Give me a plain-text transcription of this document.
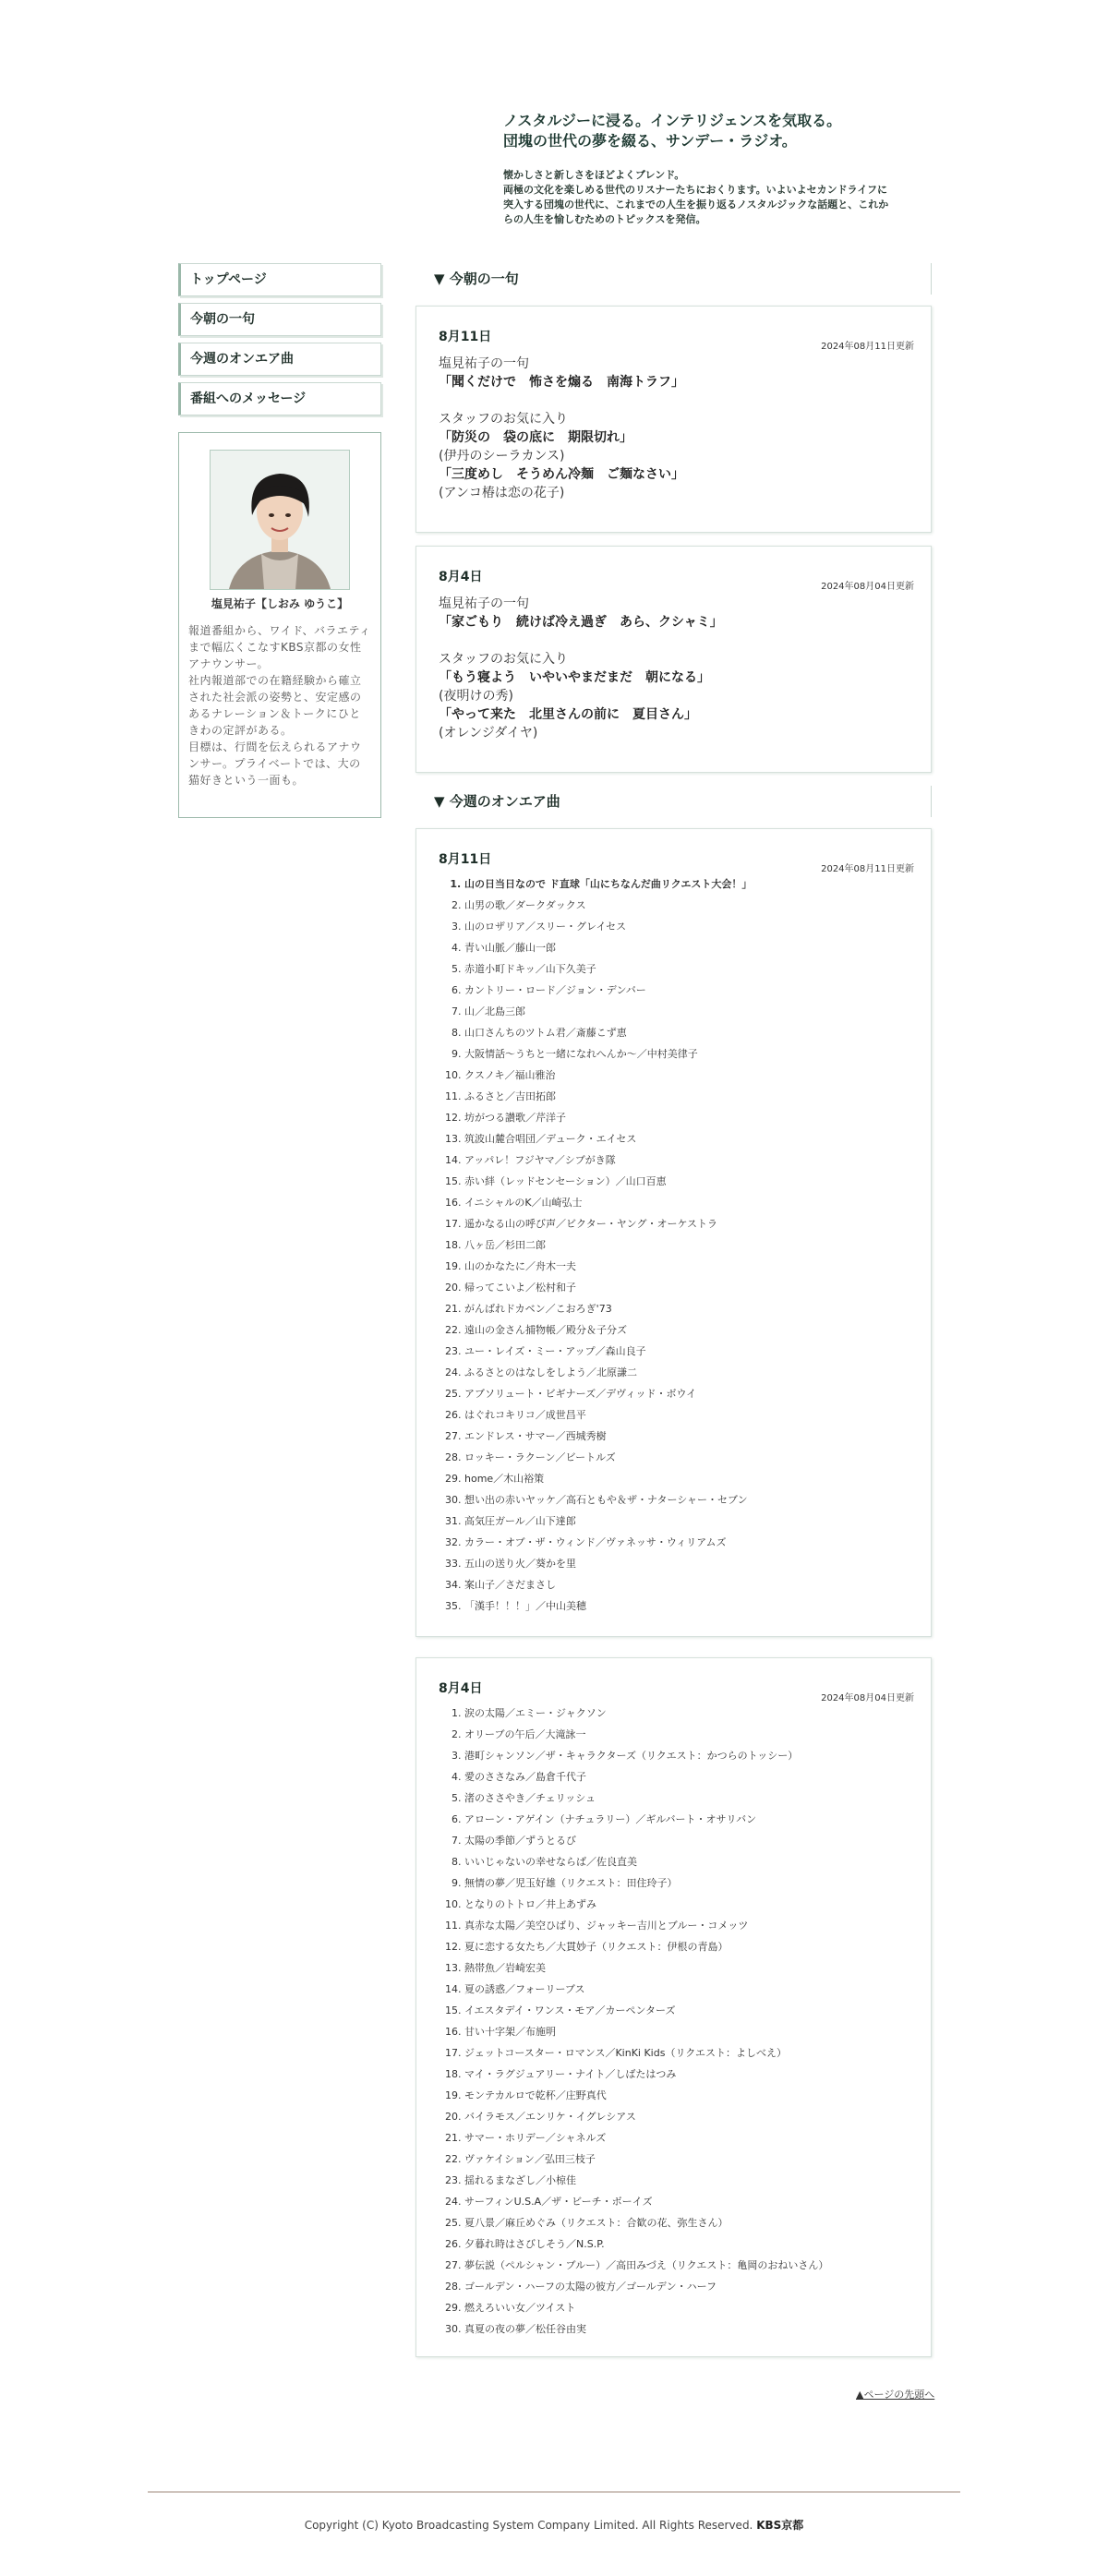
ノスタルジーに浸る。インテリジェンスを気取る。
団塊の世代の夢を綴る、サンデー・ラジオ。
懐かしさと新しさをほどよくブレンド。
両極の文化を楽しめる世代のリスナーたちにおくります。いよいよセカンドライフに
突入する団塊の世代に、これまでの人生を振り返るノスタルジックな話題と、これか
らの人生を愉しむためのトピックスを発信。
トップページ
今朝の一句
今週のオンエア曲
番組へのメッセージ
塩見祐子【しおみ ゆうこ】
報道番組から、ワイド、バラエティまで幅広くこなすKBS京都の女性アナウンサー。
社内報道部での在籍経験から確立された社会派の姿勢と、安定感のあるナレーション＆トークにひときわの定評がある。
目標は、行間を伝えられるアナウンサー。プライベートでは、大の猫好きという一面も。
▼ 今朝の一句
8月11日
2024年08月11日更新
塩見祐子の一句
「聞くだけで　怖さを煽る　南海トラフ」
スタッフのお気に入り
「防災の　袋の底に　期限切れ」
(伊丹のシーラカンス)
「三度めし　そうめん冷麺　ご麺なさい」
(アンコ椿は恋の花子)
8月4日
2024年08月04日更新
塩見祐子の一句
「家ごもり　続けば冷え過ぎ　あら、クシャミ」
スタッフのお気に入り
「もう寝よう　いやいやまだまだ　朝になる」
(夜明けの秀)
「やって来た　北里さんの前に　夏目さん」
(オレンジダイヤ)
▼ 今週のオンエア曲
8月11日
2024年08月11日更新
1. 山の日当日なので ド直球「山にちなんだ曲リクエスト大会！」
2. 山男の歌／ダークダックス
3. 山のロザリア／スリー・グレイセス
4. 青い山脈／藤山一郎
5. 赤道小町ドキッ／山下久美子
6. カントリー・ロード／ジョン・デンバー
7. 山／北島三郎
8. 山口さんちのツトム君／斎藤こず恵
9. 大阪情話〜うちと一緒になれへんか〜／中村美律子
10. クスノキ／福山雅治
11. ふるさと／吉田拓郎
12. 坊がつる讃歌／芹洋子
13. 筑波山麓合唱団／デューク・エイセス
14. アッパレ！フジヤマ／シブがき隊
15. 赤い絆（レッドセンセーション）／山口百恵
16. イニシャルのK／山崎弘士
17. 遥かなる山の呼び声／ビクター・ヤング・オーケストラ
18. 八ヶ岳／杉田二郎
19. 山のかなたに／舟木一夫
20. 帰ってこいよ／松村和子
21. がんばれドカベン／こおろぎ'73
22. 遠山の金さん捕物帳／殿分＆子分ズ
23. ユー・レイズ・ミー・アップ／森山良子
24. ふるさとのはなしをしよう／北原謙二
25. アブソリュート・ビギナーズ／デヴィッド・ボウイ
26. はぐれコキリコ／成世昌平
27. エンドレス・サマー／西城秀樹
28. ロッキー・ラクーン／ビートルズ
29. home／木山裕策
30. 想い出の赤いヤッケ／高石ともや＆ザ・ナターシャー・セブン
31. 高気圧ガール／山下達郎
32. カラー・オブ・ザ・ウィンド／ヴァネッサ・ウィリアムズ
33. 五山の送り火／葵かを里
34. 案山子／さだまさし
35. 「漢手！！！」／中山美穂
8月4日
2024年08月04日更新
1. 涙の太陽／エミー・ジャクソン
2. オリーブの午后／大滝詠一
3. 港町シャンソン／ザ・キャラクターズ（リクエスト：かつらのトッシー）
4. 愛のささなみ／島倉千代子
5. 渚のささやき／チェリッシュ
6. アローン・アゲイン（ナチュラリー）／ギルバート・オサリバン
7. 太陽の季節／ずうとるび
8. いいじゃないの幸せならば／佐良直美
9. 無情の夢／児玉好雄（リクエスト：田住玲子）
10. となりのトトロ／井上あずみ
11. 真赤な太陽／美空ひばり、ジャッキー吉川とブルー・コメッツ
12. 夏に恋する女たち／大貫妙子（リクエスト：伊根の青島）
13. 熱帯魚／岩崎宏美
14. 夏の誘惑／フォーリーブス
15. イエスタデイ・ワンス・モア／カーペンターズ
16. 甘い十字架／布施明
17. ジェットコースター・ロマンス／KinKi Kids（リクエスト：よしべえ）
18. マイ・ラグジュアリー・ナイト／しばたはつみ
19. モンテカルロで乾杯／庄野真代
20. バイラモス／エンリケ・イグレシアス
21. サマー・ホリデー／シャネルズ
22. ヴァケイション／弘田三枝子
23. 揺れるまなざし／小椋佳
24. サーフィンU.S.A／ザ・ビーチ・ボーイズ
25. 夏八景／麻丘めぐみ（リクエスト：合歓の花、弥生さん）
26. 夕暮れ時はさびしそう／N.S.P.
27. 夢伝説（ペルシャン・ブルー）／高田みづえ（リクエスト：亀岡のおねいさん）
28. ゴールデン・ハーフの太陽の彼方／ゴールデン・ハーフ
29. 燃えろいい女／ツイスト
30. 真夏の夜の夢／松任谷由実
▲ページの先頭へ
Copyright (C) Kyoto Broadcasting System Company Limited. All Rights Reserved. KBS京都
